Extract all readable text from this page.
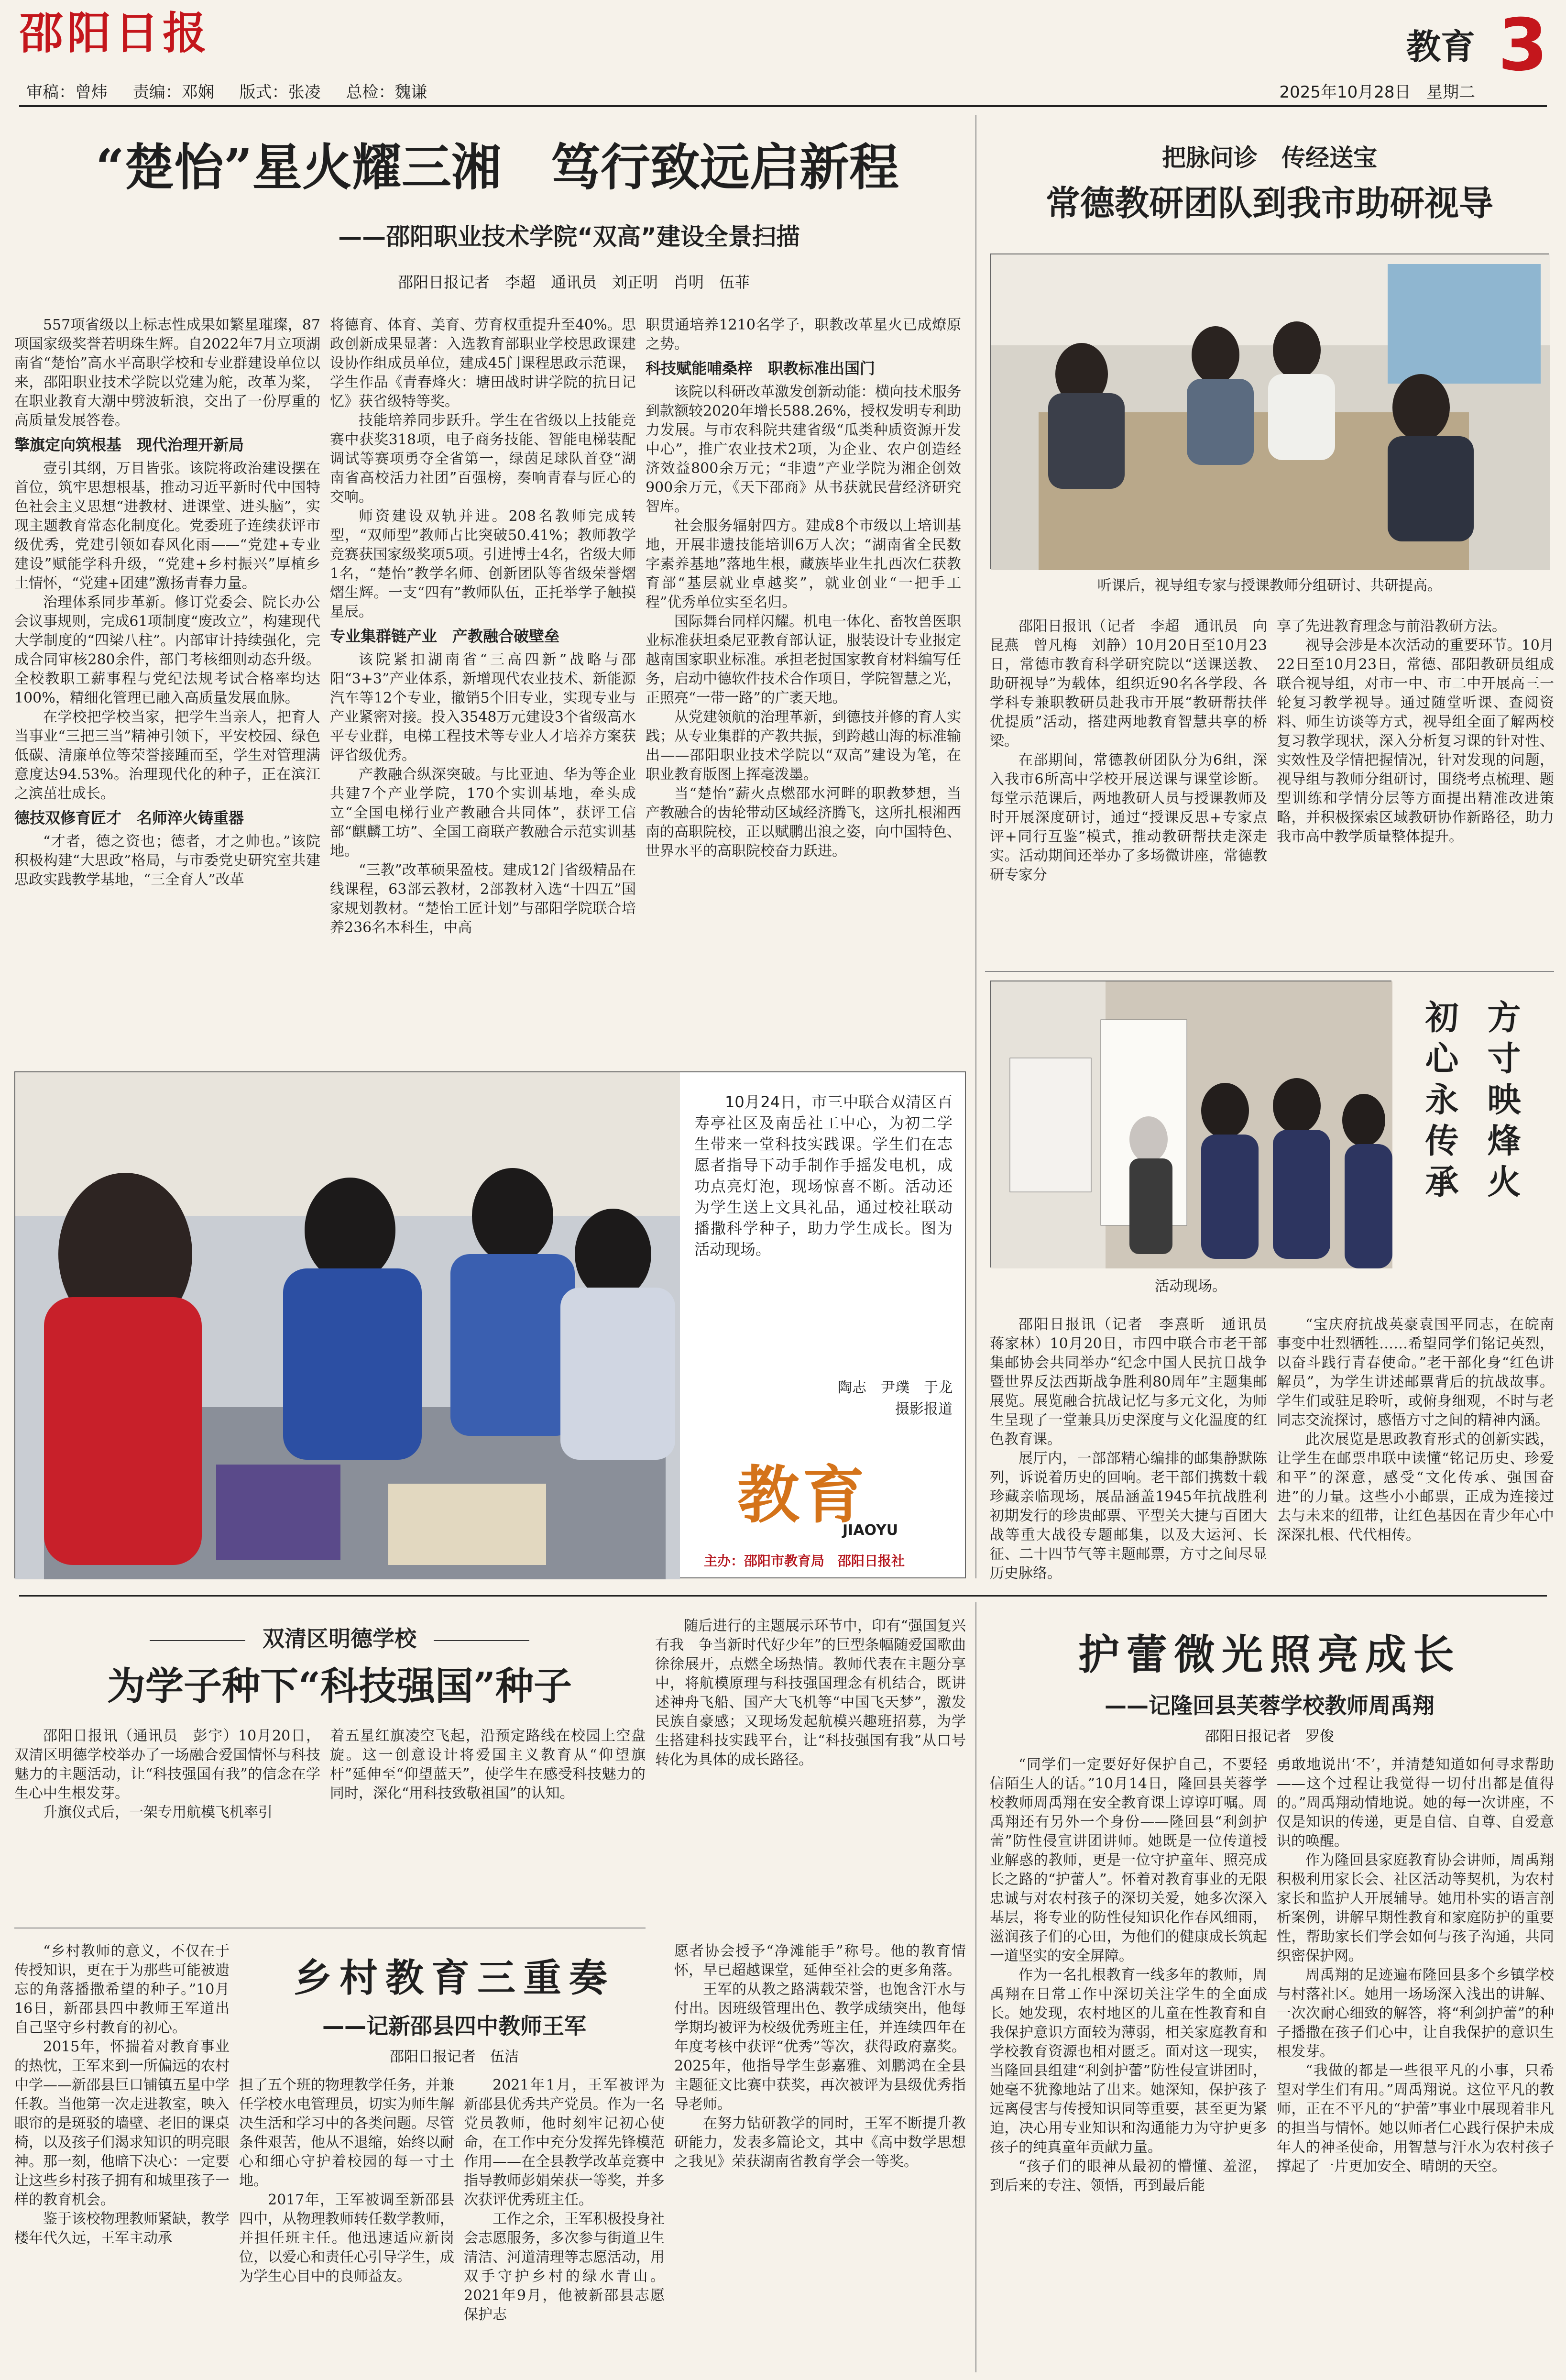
邵阳日报	教育 3
审稿：曾炜 责编：邓娴 版式：张凌 总检：魏谦	2025年10月28日 星期二
“楚怡”星火耀三湘　笃行致远启新程
——邵阳职业技术学院“双高”建设全景扫描
邵阳日报记者　李超　通讯员　刘正明　肖明　伍菲

557项省级以上标志性成果如繁星璀璨，87项国家级奖誉若明珠生辉。自2022年7月立项湖南省“楚怡”高水平高职学校和专业群建设单位以来，邵阳职业技术学院以党建为舵，改革为桨，在职业教育大潮中劈波斩浪，交出了一份厚重的高质量发展答卷。

擎旗定向筑根基　现代治理开新局

壹引其纲，万目皆张。该院将政治建设摆在首位，筑牢思想根基，推动习近平新时代中国特色社会主义思想“进教材、进课堂、进头脑”，实现主题教育常态化制度化。党委班子连续获评市级优秀，党建引领如春风化雨——“党建+专业建设”赋能学科升级，“党建+乡村振兴”厚植乡土情怀，“党建+团建”激扬青春力量。

治理体系同步革新。修订党委会、院长办公会议事规则，完成61项制度“废改立”，构建现代大学制度的“四梁八柱”。内部审计持续强化，完成合同审核280余件，部门考核细则动态升级。全校教职工薪事程与党纪法规考试合格率均达100%，精细化管理已融入高质量发展血脉。

在学校把学校当家，把学生当亲人，把育人当事业“三把三当”精神引领下，平安校园、绿色低碳、清廉单位等荣誉接踵而至，学生对管理满意度达94.53%。治理现代化的种子，正在滨江之滨茁壮成长。

德技双修育匠才　名师淬火铸重器

“才者，德之资也；德者，才之帅也。”该院积极构建“大思政”格局，与市委党史研究室共建思政实践教学基地，“三全育人”改革

将德育、体育、美育、劳育权重提升至40%。思政创新成果显著：入选教育部职业学校思政课建设协作组成员单位，建成45门课程思政示范课，学生作品《青春烽火：塘田战时讲学院的抗日记忆》获省级特等奖。

技能培养同步跃升。学生在省级以上技能竞赛中获奖318项，电子商务技能、智能电梯装配调试等赛项勇夺全省第一，绿茵足球队首登“湖南省高校活力社团”百强榜，奏响青春与匠心的交响。

师资建设双轨并进。208名教师完成转型，“双师型”教师占比突破50.41%；教师教学竞赛获国家级奖项5项。引进博士4名，省级大师1名，“楚怡”教学名师、创新团队等省级荣誉熠熠生辉。一支“四有”教师队伍，正托举学子触摸星辰。

专业集群链产业　产教融合破壁垒

该院紧扣湖南省“三高四新”战略与邵阳“3+3”产业体系，新增现代农业技术、新能源汽车等12个专业，撤销5个旧专业，实现专业与产业紧密对接。投入3548万元建设3个省级高水平专业群，电梯工程技术等专业人才培养方案获评省级优秀。

产教融合纵深突破。与比亚迪、华为等企业共建7个产业学院，170个实训基地，牵头成立“全国电梯行业产教融合共同体”，获评工信部“麒麟工坊”、全国工商联产教融合示范实训基地。

“三教”改革硕果盈枝。建成12门省级精品在线课程，63部云教材，2部教材入选“十四五”国家规划教材。“楚怡工匠计划”与邵阳学院联合培养236名本科生，中高

职贯通培养1210名学子，职教改革星火已成燎原之势。

科技赋能哺桑梓　职教标准出国门

该院以科研改革激发创新动能：横向技术服务到款额较2020年增长588.26%，授权发明专利助力发展。与市农科院共建省级“瓜类种质资源开发中心”，推广农业技术2项，为企业、农户创造经济效益800余万元；“非遗”产业学院为湘企创效900余万元，《天下邵商》从书获就民营经济研究智库。

社会服务辐射四方。建成8个市级以上培训基地，开展非遗技能培训6万人次；“湖南省全民数字素养基地”落地生根，藏族毕业生扎西次仁获教育部“基层就业卓越奖”，就业创业“一把手工程”优秀单位实至名归。

国际舞台同样闪耀。机电一体化、畜牧兽医职业标准获坦桑尼亚教育部认证，服装设计专业报定越南国家职业标准。承担老挝国家教育材料编写任务，启动中德软件技术合作项目，学院智慧之光，正照亮“一带一路”的广袤天地。

从党建领航的治理革新，到德技并修的育人实践；从专业集群的产教共振，到跨越山海的标准输出——邵阳职业技术学院以“双高”建设为笔，在职业教育版图上挥毫泼墨。

当“楚怡”薪火点燃邵水河畔的职教梦想，当产教融合的齿轮带动区域经济腾飞，这所扎根湘西南的高职院校，正以赋鹏出浪之姿，向中国特色、世界水平的高职院校奋力跃进。

10月24日，市三中联合双清区百寿亭社区及南岳社工中心，为初二学生带来一堂科技实践课。学生们在志愿者指导下动手制作手摇发电机，成功点亮灯泡，现场惊喜不断。活动还为学生送上文具礼品，通过校社联动播撒科学种子，助力学生成长。图为活动现场。
陶志　尹璞　于龙
摄影报道
教育
JIAOYU
主办：邵阳市教育局　邵阳日报社
把脉问诊　传经送宝
常德教研团队到我市助研视导
听课后，视导组专家与授课教师分组研讨、共研提高。

邵阳日报讯（记者　李超　通讯员　向昆燕　曾凡梅　刘静）10月20日至10月23日，常德市教育科学研究院以“送课送教、助研视导”为载体，组织近90名各学段、各学科专兼职教研员赴我市开展“教研帮扶伴优提质”活动，搭建两地教育智慧共享的桥梁。

在部期间，常德教研团队分为6组，深入我市6所高中学校开展送课与课堂诊断。每堂示范课后，两地教研人员与授课教师及时开展深度研讨，通过“授课反思+专家点评+同行互鉴”模式，推动教研帮扶走深走实。活动期间还举办了多场微讲座，常德教研专家分

享了先进教育理念与前沿教研方法。

视导会涉是本次活动的重要环节。10月22日至10月23日，常德、邵阳教研员组成联合视导组，对市一中、市二中开展高三一轮复习教学视导。通过随堂听课、查阅资料、师生访谈等方式，视导组全面了解两校复习教学现状，深入分析复习课的针对性、实效性及学情把握情况，针对发现的问题，视导组与教师分组研讨，围绕考点梳理、题型训练和学情分层等方面提出精准改进策略，并积极探索区域教研协作新路径，助力我市高中教学质量整体提升。

方寸映烽火
初心永传承
活动现场。

邵阳日报讯（记者　李熹昕　通讯员　蒋家林）10月20日，市四中联合市老干部集邮协会共同举办“纪念中国人民抗日战争暨世界反法西斯战争胜利80周年”主题集邮展览。展览融合抗战记忆与多元文化，为师生呈现了一堂兼具历史深度与文化温度的红色教育课。

展厅内，一部部精心编排的邮集静默陈列，诉说着历史的回响。老干部们携数十载珍藏亲临现场，展品涵盖1945年抗战胜利初期发行的珍贵邮票、平型关大捷与百团大战等重大战役专题邮集，以及大运河、长征、二十四节气等主题邮票，方寸之间尽显历史脉络。

“宝庆府抗战英豪袁国平同志，在皖南事变中壮烈牺牲……希望同学们铭记英烈，以奋斗践行青春使命。”老干部化身“红色讲解员”，为学生讲述邮票背后的抗战故事。学生们或驻足聆听，或俯身细观，不时与老同志交流探讨，感悟方寸之间的精神内涵。

此次展览是思政教育形式的创新实践，让学生在邮票串联中读懂“铭记历史、珍爱和平”的深意，感受“文化传承、强国奋进”的力量。这些小小邮票，正成为连接过去与未来的纽带，让红色基因在青少年心中深深扎根、代代相传。

双清区明德学校
为学子种下“科技强国”种子

邵阳日报讯（通讯员　彭宇）10月20日，双清区明德学校举办了一场融合爱国情怀与科技魅力的主题活动，让“科技强国有我”的信念在学生心中生根发芽。

升旗仪式后，一架专用航模飞机率引

着五星红旗凌空飞起，沿预定路线在校园上空盘旋。这一创意设计将爱国主义教育从“仰望旗杆”延伸至“仰望蓝天”，使学生在感受科技魅力的同时，深化“用科技致敬祖国”的认知。

随后进行的主题展示环节中，印有“强国复兴有我　争当新时代好少年”的巨型条幅随爱国歌曲徐徐展开，点燃全场热情。教师代表在主题分享中，将航模原理与科技强国理念有机结合，既讲述神舟飞船、国产大飞机等“中国飞天梦”，激发民族自豪感；又现场发起航模兴趣班招募，为学生搭建科技实践平台，让“科技强国有我”从口号转化为具体的成长路径。

乡村教育三重奏
——记新邵县四中教师王军
邵阳日报记者　伍洁

“乡村教师的意义，不仅在于传授知识，更在于为那些可能被遗忘的角落播撒希望的种子。”10月16日，新邵县四中教师王军道出自己坚守乡村教育的初心。

2015年，怀揣着对教育事业的热忱，王军来到一所偏远的农村中学——新邵县巨口铺镇五星中学任教。当他第一次走进教室，映入眼帘的是斑驳的墙壁、老旧的课桌椅，以及孩子们渴求知识的明亮眼神。那一刻，他暗下决心：一定要让这些乡村孩子拥有和城里孩子一样的教育机会。

鉴于该校物理教师紧缺，教学楼年代久远，王军主动承

担了五个班的物理教学任务，并兼任学校水电管理员，切实为师生解决生活和学习中的各类问题。尽管条件艰苦，他从不退缩，始终以耐心和细心守护着校园的每一寸土地。

2017年，王军被调至新邵县四中，从物理教师转任数学教师，并担任班主任。他迅速适应新岗位，以爱心和责任心引导学生，成为学生心目中的良师益友。

2021年1月，王军被评为新邵县优秀共产党员。作为一名党员教师，他时刻牢记初心使命，在工作中充分发挥先锋模范作用——在全县教学改革竞赛中指导教师彭娟荣获一等奖，并多次获评优秀班主任。

工作之余，王军积极投身社会志愿服务，多次参与街道卫生清洁、河道清理等志愿活动，用双手守护乡村的绿水青山。2021年9月，他被新邵县志愿保护志

愿者协会授予“净滩能手”称号。他的教育情怀，早已超越课堂，延伸至社会的更多角落。

王军的从教之路满载荣誉，也饱含汗水与付出。因班级管理出色、教学成绩突出，他每学期均被评为校级优秀班主任，并连续四年在年度考核中获评“优秀”等次，获得政府嘉奖。2025年，他指导学生彭嘉雅、刘鹏鸿在全县主题征文比赛中获奖，再次被评为县级优秀指导老师。

在努力钻研教学的同时，王军不断提升教研能力，发表多篇论文，其中《高中数学思想之我见》荣获湖南省教育学会一等奖。

护蕾微光照亮成长
——记隆回县芙蓉学校教师周禹翔
邵阳日报记者　罗俊

“同学们一定要好好保护自己，不要轻信陌生人的话。”10月14日，隆回县芙蓉学校教师周禹翔在安全教育课上谆谆叮嘱。周禹翔还有另外一个身份——隆回县“利剑护蕾”防性侵宣讲团讲师。她既是一位传道授业解惑的教师，更是一位守护童年、照亮成长之路的“护蕾人”。怀着对教育事业的无限忠诚与对农村孩子的深切关爱，她多次深入基层，将专业的防性侵知识化作春风细雨，滋润孩子们的心田，为他们的健康成长筑起一道坚实的安全屏障。

作为一名扎根教育一线多年的教师，周禹翔在日常工作中深切关注学生的全面成长。她发现，农村地区的儿童在性教育和自我保护意识方面较为薄弱，相关家庭教育和学校教育资源也相对匮乏。面对这一现实，当隆回县组建“利剑护蕾”防性侵宣讲团时，她毫不犹豫地站了出来。她深知，保护孩子远离侵害与传授知识同等重要，甚至更为紧迫，决心用专业知识和沟通能力为守护更多孩子的纯真童年贡献力量。

“孩子们的眼神从最初的懵懂、羞涩，到后来的专注、领悟，再到最后能

勇敢地说出‘不’，并清楚知道如何寻求帮助——这个过程让我觉得一切付出都是值得的。”周禹翔动情地说。她的每一次讲座，不仅是知识的传递，更是自信、自尊、自爱意识的唤醒。

作为隆回县家庭教育协会讲师，周禹翔积极利用家长会、社区活动等契机，为农村家长和监护人开展辅导。她用朴实的语言剖析案例，讲解早期性教育和家庭防护的重要性，帮助家长们学会如何与孩子沟通，共同织密保护网。

周禹翔的足迹遍布隆回县多个乡镇学校与村落社区。她用一场场深入浅出的讲解、一次次耐心细致的解答，将“利剑护蕾”的种子播撒在孩子们心中，让自我保护的意识生根发芽。

“我做的都是一些很平凡的小事，只希望对学生们有用。”周禹翔说。这位平凡的教师，正在不平凡的“护蕾”事业中展现着非凡的担当与情怀。她以师者仁心践行保护未成年人的神圣使命，用智慧与汗水为农村孩子撑起了一片更加安全、晴朗的天空。
